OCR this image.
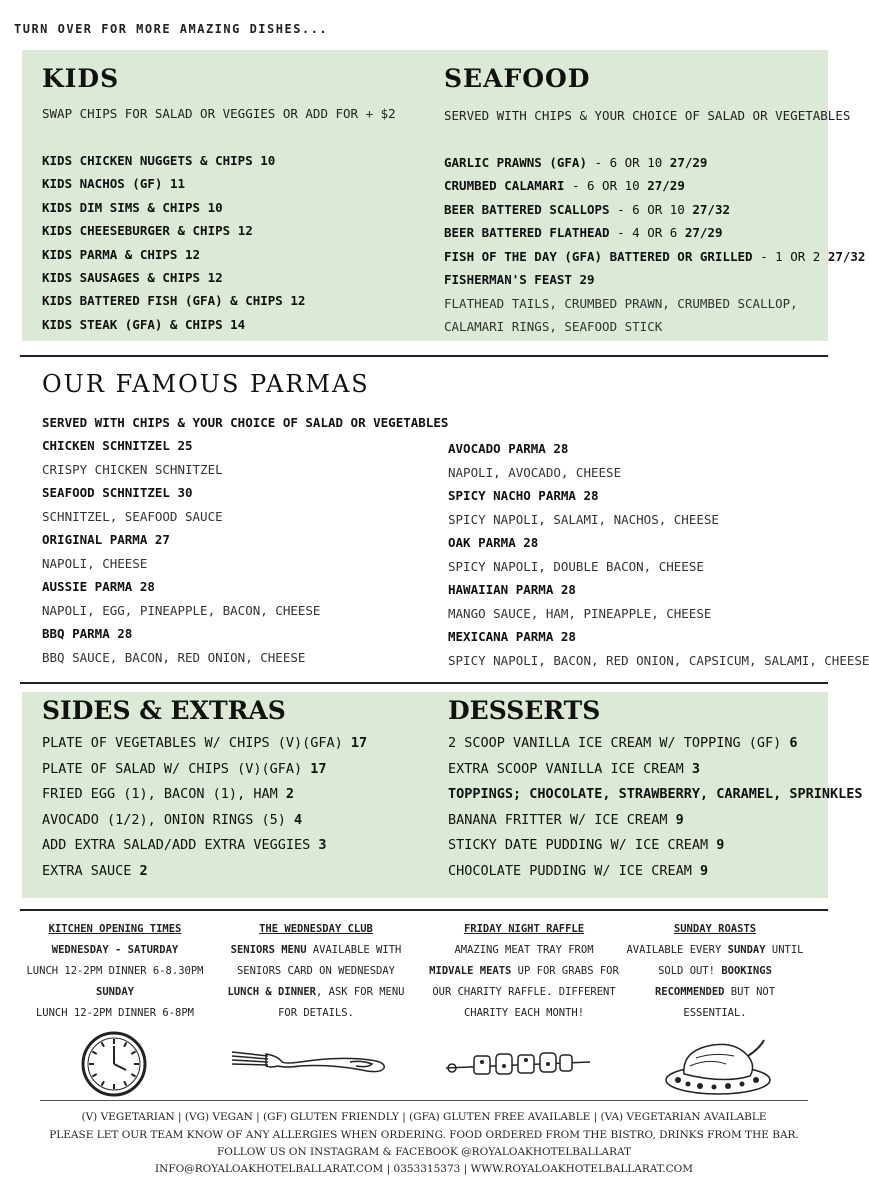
TURN OVER FOR MORE AMAZING DISHES...
KIDS
SWAP CHIPS FOR SALAD OR VEGGIES OR ADD FOR + $2
KIDS CHICKEN NUGGETS & CHIPS 10
KIDS NACHOS (GF) 11
KIDS DIM SIMS & CHIPS 10
KIDS CHEESEBURGER & CHIPS 12
KIDS PARMA & CHIPS 12
KIDS SAUSAGES & CHIPS 12
KIDS BATTERED FISH (GFA) & CHIPS 12
KIDS STEAK (GFA) & CHIPS 14
SEAFOOD
SERVED WITH CHIPS & YOUR CHOICE OF SALAD OR VEGETABLES
GARLIC PRAWNS (GFA) - 6 OR 10 27/29
CRUMBED CALAMARI - 6 OR 10 27/29
BEER BATTERED SCALLOPS - 6 OR 10 27/32
BEER BATTERED FLATHEAD - 4 OR 6 27/29
FISH OF THE DAY (GFA) BATTERED OR GRILLED - 1 OR 2 27/32
FISHERMAN'S FEAST 29
FLATHEAD TAILS, CRUMBED PRAWN, CRUMBED SCALLOP,
CALAMARI RINGS, SEAFOOD STICK
OUR FAMOUS PARMAS
SERVED WITH CHIPS & YOUR CHOICE OF SALAD OR VEGETABLES
CHICKEN SCHNITZEL 25
CRISPY CHICKEN SCHNITZEL
SEAFOOD SCHNITZEL 30
SCHNITZEL, SEAFOOD SAUCE
ORIGINAL PARMA 27
NAPOLI, CHEESE
AUSSIE PARMA 28
NAPOLI, EGG, PINEAPPLE, BACON, CHEESE
BBQ PARMA 28
BBQ SAUCE, BACON, RED ONION, CHEESE
AVOCADO PARMA 28
NAPOLI, AVOCADO, CHEESE
SPICY NACHO PARMA 28
SPICY NAPOLI, SALAMI, NACHOS, CHEESE
OAK PARMA 28
SPICY NAPOLI, DOUBLE BACON, CHEESE
HAWAIIAN PARMA 28
MANGO SAUCE, HAM, PINEAPPLE, CHEESE
MEXICANA PARMA 28
SPICY NAPOLI, BACON, RED ONION, CAPSICUM, SALAMI, CHEESE
SIDES & EXTRAS
PLATE OF VEGETABLES W/ CHIPS (V)(GFA) 17
PLATE OF SALAD W/ CHIPS (V)(GFA) 17
FRIED EGG (1), BACON (1), HAM 2
AVOCADO (1/2), ONION RINGS (5) 4
ADD EXTRA SALAD/ADD EXTRA VEGGIES 3
EXTRA SAUCE 2
DESSERTS
2 SCOOP VANILLA ICE CREAM W/ TOPPING (GF) 6
EXTRA SCOOP VANILLA ICE CREAM 3
TOPPINGS; CHOCOLATE, STRAWBERRY, CARAMEL, SPRINKLES
BANANA FRITTER W/ ICE CREAM 9
STICKY DATE PUDDING W/ ICE CREAM 9
CHOCOLATE PUDDING W/ ICE CREAM 9
KITCHEN OPENING TIMES
WEDNESDAY - SATURDAY
LUNCH 12-2PM DINNER 6-8.30PM
SUNDAY
LUNCH 12-2PM DINNER 6-8PM
THE WEDNESDAY CLUB
SENIORS MENU AVAILABLE WITH
SENIORS CARD ON WEDNESDAY
LUNCH & DINNER, ASK FOR MENU
FOR DETAILS.
FRIDAY NIGHT RAFFLE
AMAZING MEAT TRAY FROM
MIDVALE MEATS UP FOR GRABS FOR
OUR CHARITY RAFFLE. DIFFERENT
CHARITY EACH MONTH!
SUNDAY ROASTS
AVAILABLE EVERY SUNDAY UNTIL
SOLD OUT! BOOKINGS
RECOMMENDED BUT NOT
ESSENTIAL.
(V) VEGETARIAN | (VG) VEGAN | (GF) GLUTEN FRIENDLY | (GFA) GLUTEN FREE AVAILABLE | (VA) VEGETARIAN AVAILABLE
PLEASE LET OUR TEAM KNOW OF ANY ALLERGIES WHEN ORDERING. FOOD ORDERED FROM THE BISTRO, DRINKS FROM THE BAR.
FOLLOW US ON INSTAGRAM & FACEBOOK @ROYALOAKHOTELBALLARAT
INFO@ROYALOAKHOTELBALLARAT.COM | 0353315373 | WWW.ROYALOAKHOTELBALLARAT.COM
